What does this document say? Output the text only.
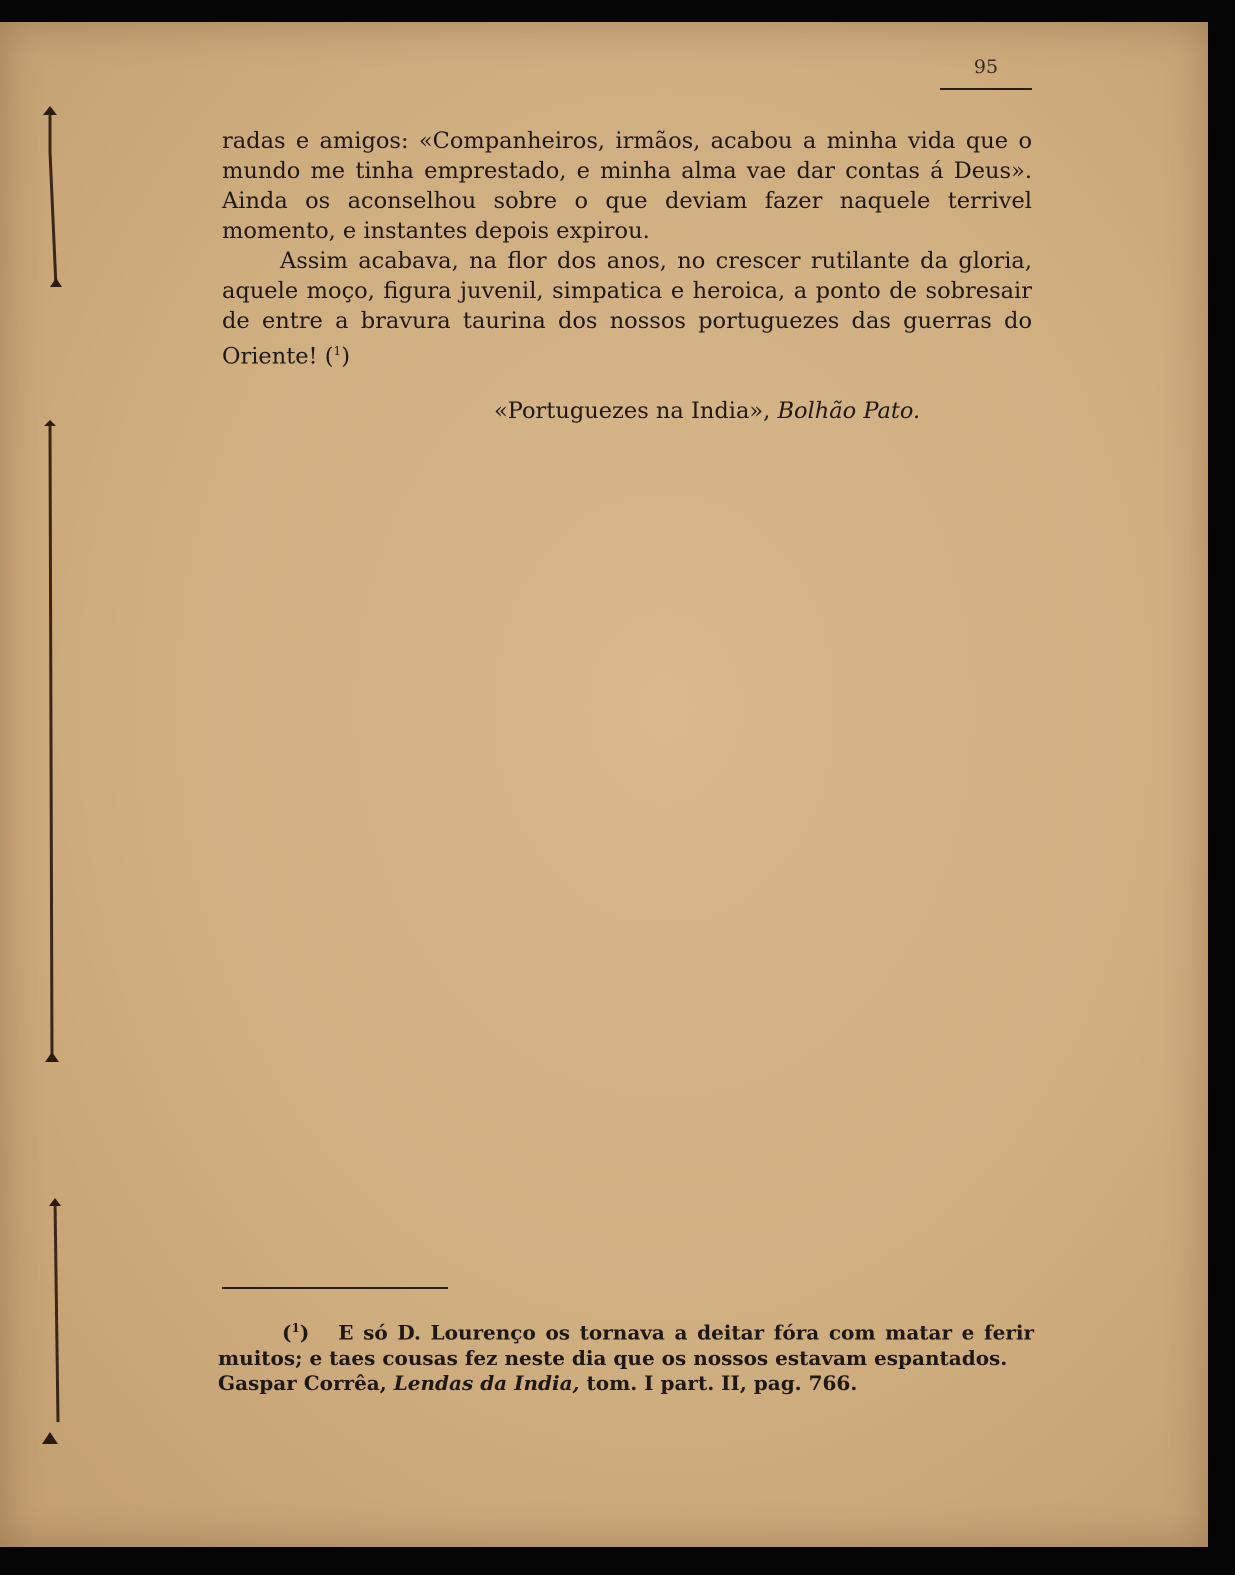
95

radas e amigos: «Companheiros, irmãos, acabou a minha vida que o mundo me tinha emprestado, e minha alma vae dar contas á Deus». Ainda os aconselhou sobre o que deviam fazer naquele terrivel momento, e instantes depois expirou.

Assim acabava, na flor dos anos, no crescer rutilante da gloria, aquele moço, figura juvenil, simpatica e heroica, a ponto de sobresair de entre a bravura taurina dos nossos portuguezes das guerras do Oriente! ($^1$)

«Portuguezes na India», Bolhão Pato.

($^1$) E só D. Lourenço os tornava a deitar fóra com matar e ferir muitos; e taes cousas fez neste dia que os nossos estavam espantados.

Gaspar Corrêa, Lendas da India, tom. I part. II, pag. 766.
